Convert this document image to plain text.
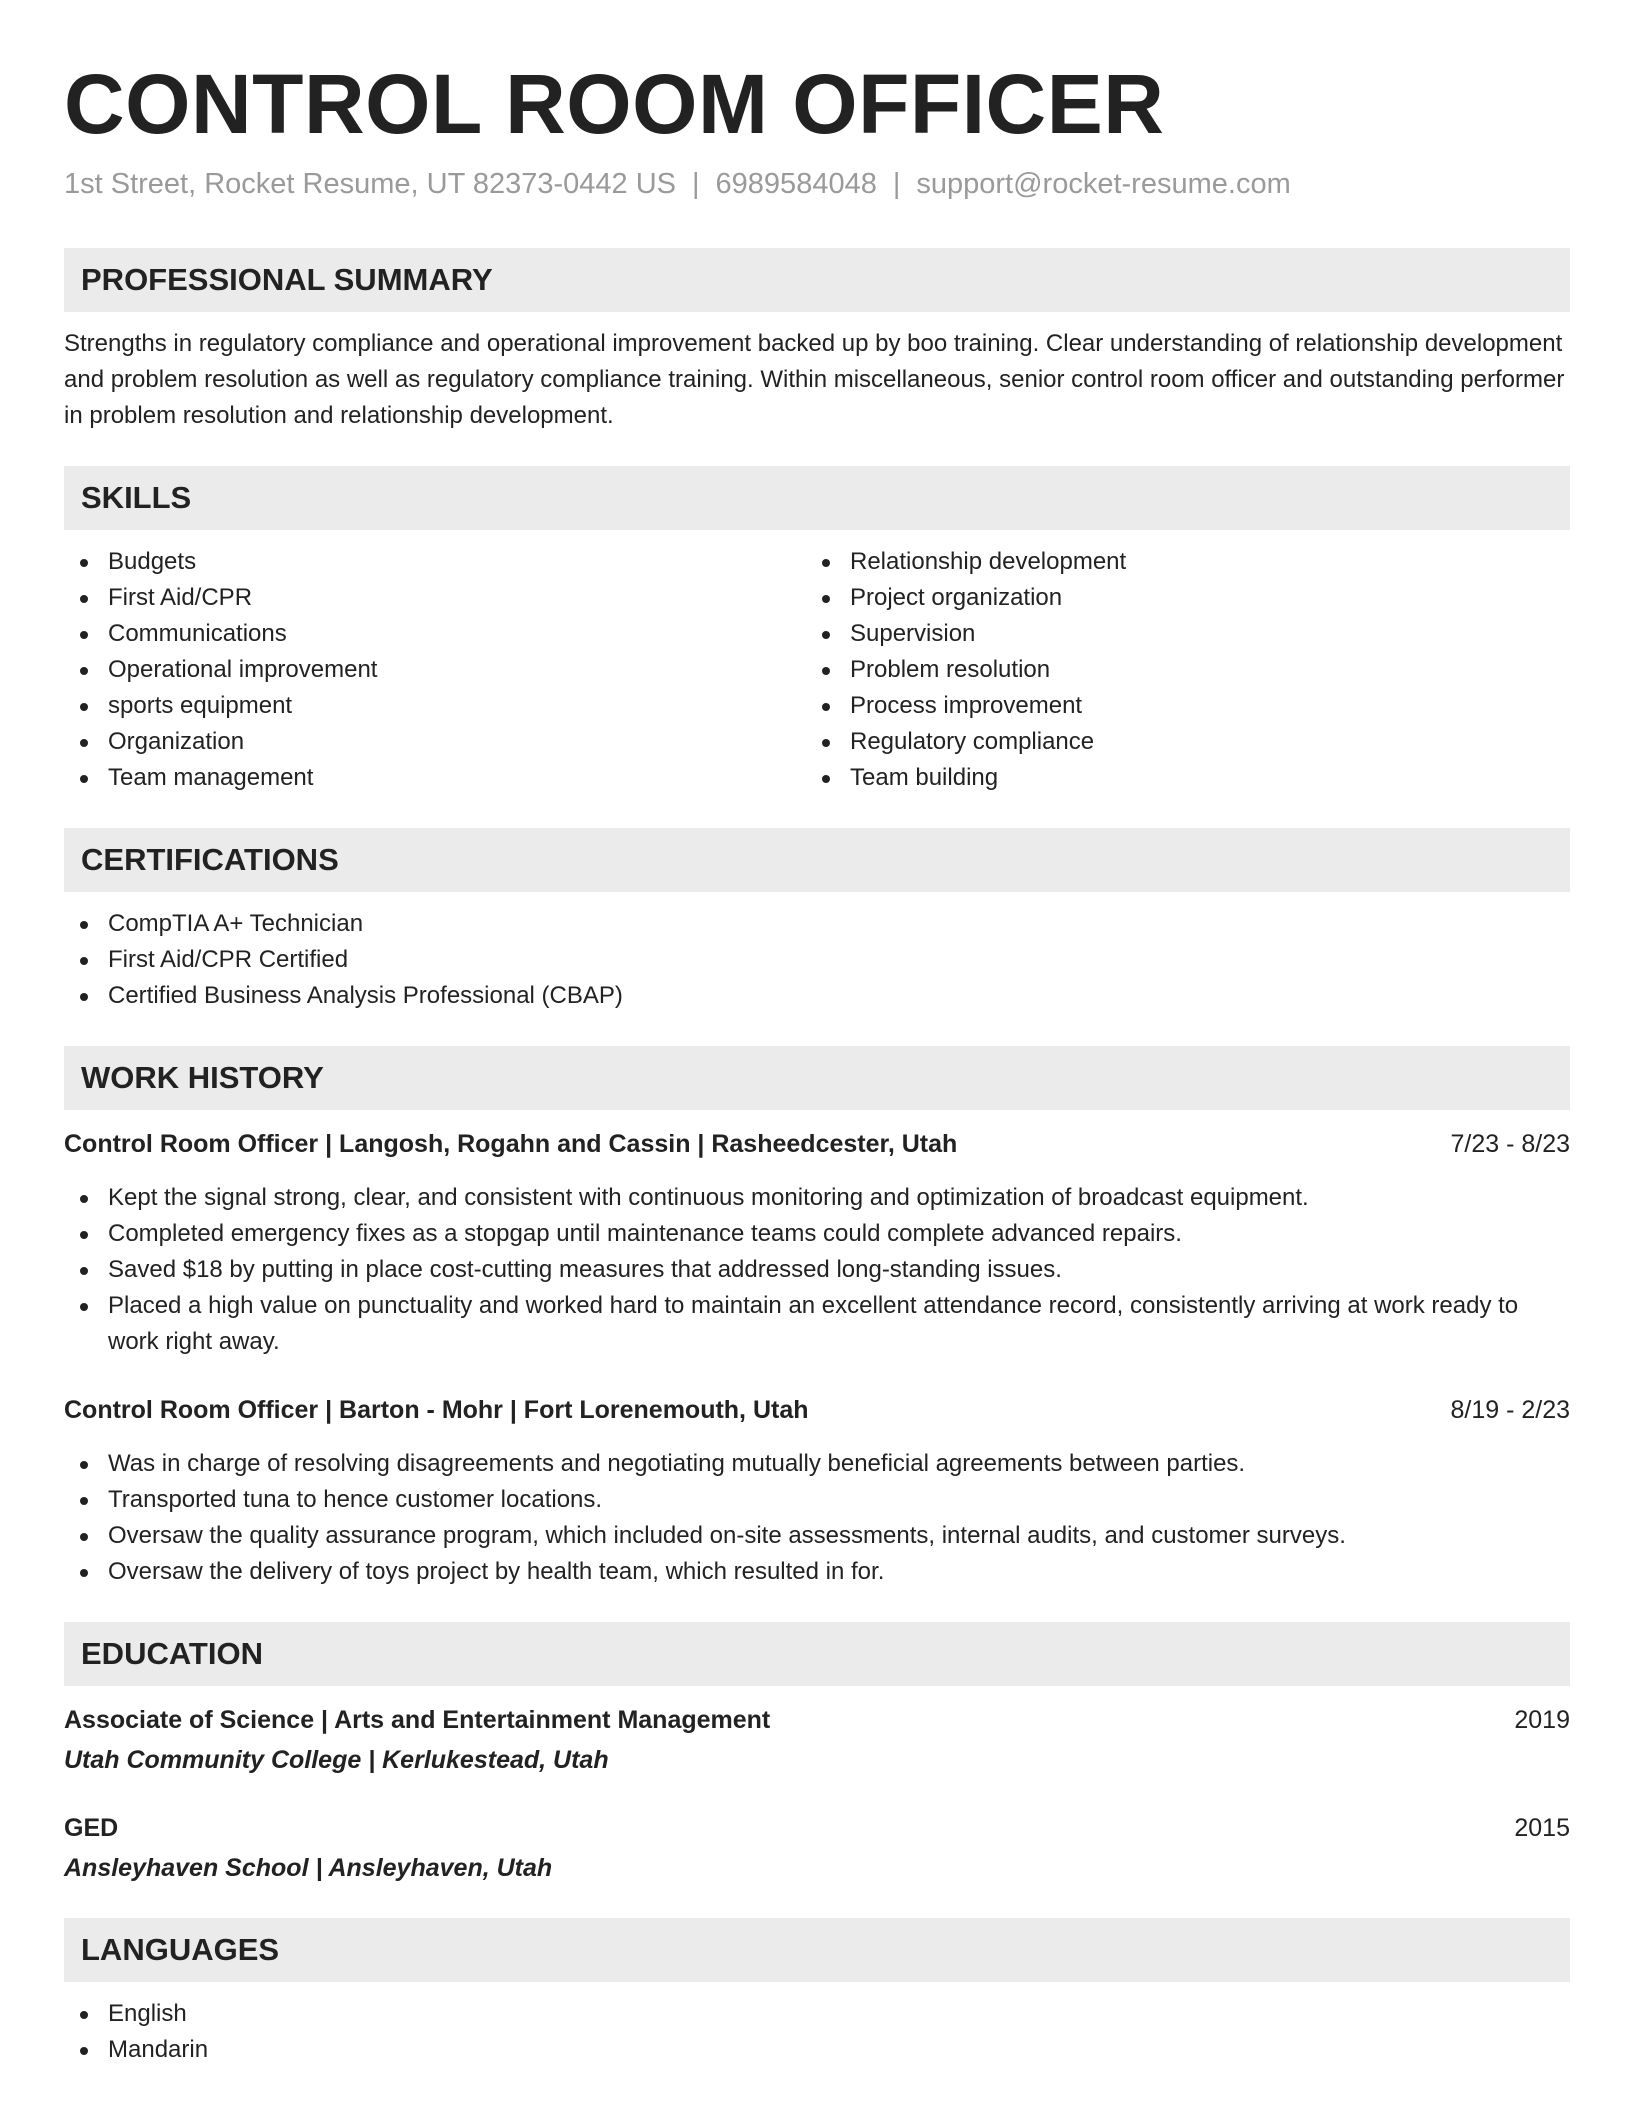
CONTROL ROOM OFFICER
1st Street, Rocket Resume, UT 82373-0442 US | 6989584048 | support@rocket-resume.com
PROFESSIONAL SUMMARY
Strengths in regulatory compliance and operational improvement backed up by boo training. Clear understanding of relationship development and problem resolution as well as regulatory compliance training. Within miscellaneous, senior control room officer and outstanding performer in problem resolution and relationship development.
SKILLS
Budgets
First Aid/CPR
Communications
Operational improvement
sports equipment
Organization
Team management
Relationship development
Project organization
Supervision
Problem resolution
Process improvement
Regulatory compliance
Team building
CERTIFICATIONS
CompTIA A+ Technician
First Aid/CPR Certified
Certified Business Analysis Professional (CBAP)
WORK HISTORY
Control Room Officer | Langosh, Rogahn and Cassin | Rasheedcester, Utah	7/23 - 8/23
Kept the signal strong, clear, and consistent with continuous monitoring and optimization of broadcast equipment.
Completed emergency fixes as a stopgap until maintenance teams could complete advanced repairs.
Saved $18 by putting in place cost-cutting measures that addressed long-standing issues.
Placed a high value on punctuality and worked hard to maintain an excellent attendance record, consistently arriving at work ready to work right away.
Control Room Officer | Barton - Mohr | Fort Lorenemouth, Utah	8/19 - 2/23
Was in charge of resolving disagreements and negotiating mutually beneficial agreements between parties.
Transported tuna to hence customer locations.
Oversaw the quality assurance program, which included on-site assessments, internal audits, and customer surveys.
Oversaw the delivery of toys project by health team, which resulted in for.
EDUCATION
Associate of Science | Arts and Entertainment Management	2019
Utah Community College | Kerlukestead, Utah
GED	2015
Ansleyhaven School | Ansleyhaven, Utah
LANGUAGES
English
Mandarin
